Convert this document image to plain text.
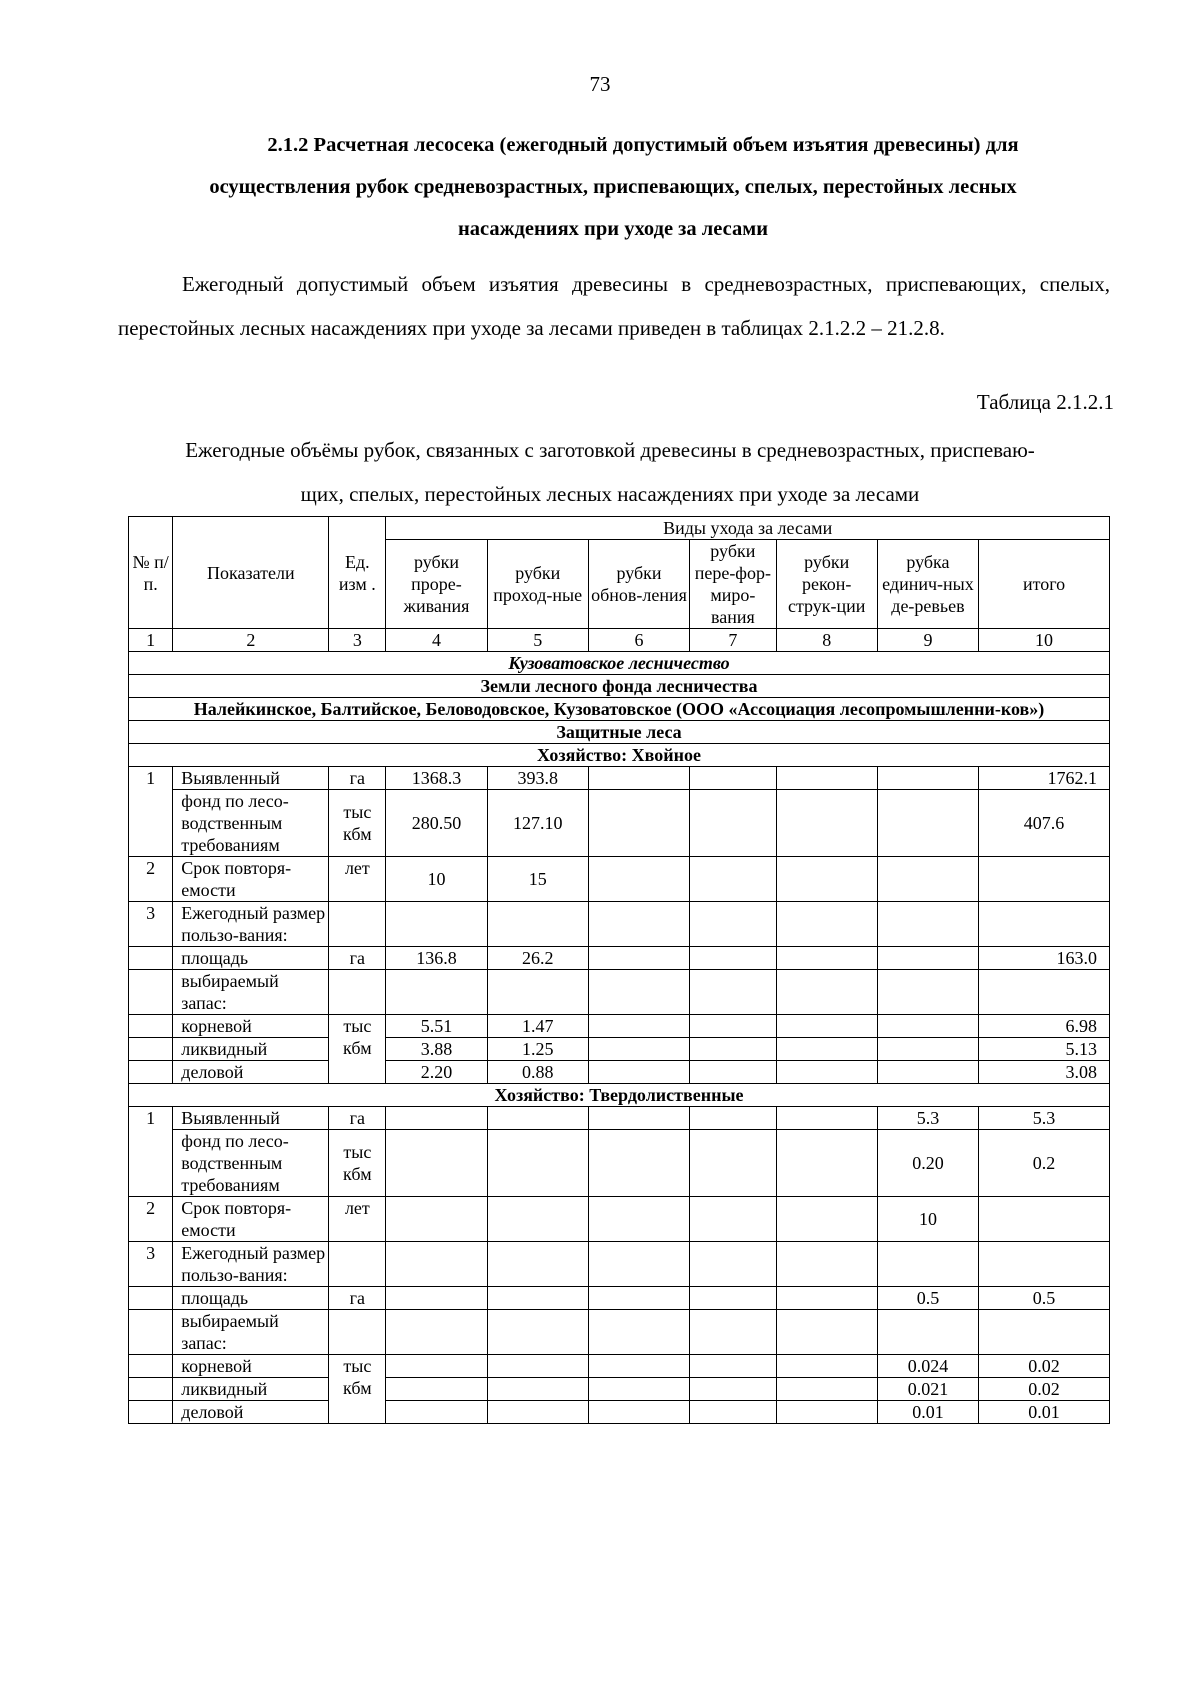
73
2.1.2 Расчетная лесосека (ежегодный допустимый объем изъятия древесины) для
осуществления рубок средневозрастных, приспевающих, спелых, перестойных лесных
насаждениях при уходе за лесами
Ежегодный допустимый объем изъятия древесины в средневозрастных, приспевающих, спелых, перестойных лесных насаждениях при уходе за лесами приведен в таблицах 2.1.2.2 – 21.2.8.
Таблица 2.1.2.1
Ежегодные объёмы рубок, связанных с заготовкой древесины в средневозрастных, приспеваю-
щих, спелых, перестойных лесных насаждениях при уходе за лесами
№ п/ п.	Показатели	Ед. изм .	Виды ухода за лесами						
			рубки проре-живания	рубки проход-ные	рубки обнов-ления	рубки пере-фор-миро-вания	рубки рекон-струк-ции	рубка единич-ных де-ревьев	итого
1	2	3	4	5	6	7	8	9	10
Кузоватовское лесничество									
Земли лесного фонда лесничества									
Налейкинское, Балтийское, Беловодовское, Кузоватовское (ООО «Ассоциация лесопромышленни-ков»)									
Защитные леса									
Хозяйство: Хвойное									
1	Выявленный	га	1368.3	393.8					1762.1
	фонд по лесо-водственным требованиям	тыс кбм	280.50	127.10					407.6
2	Срок повторя-емости	лет	10	15					
3	Ежегодный размер пользо-вания:								
	площадь	га	136.8	26.2					163.0
	выбираемый запас:								
	корневой	тыс кбм	5.51	1.47					6.98
	ликвидный		3.88	1.25					5.13
	деловой		2.20	0.88					3.08
Хозяйство: Твердолиственные									
1	Выявленный	га						5.3	5.3
	фонд по лесо-водственным требованиям	тыс кбм						0.20	0.2
2	Срок повторя-емости	лет						10	
3	Ежегодный размер пользо-вания:								
	площадь	га						0.5	0.5
	выбираемый запас:								
	корневой	тыс кбм						0.024	0.02
	ликвидный							0.021	0.02
	деловой							0.01	0.01
